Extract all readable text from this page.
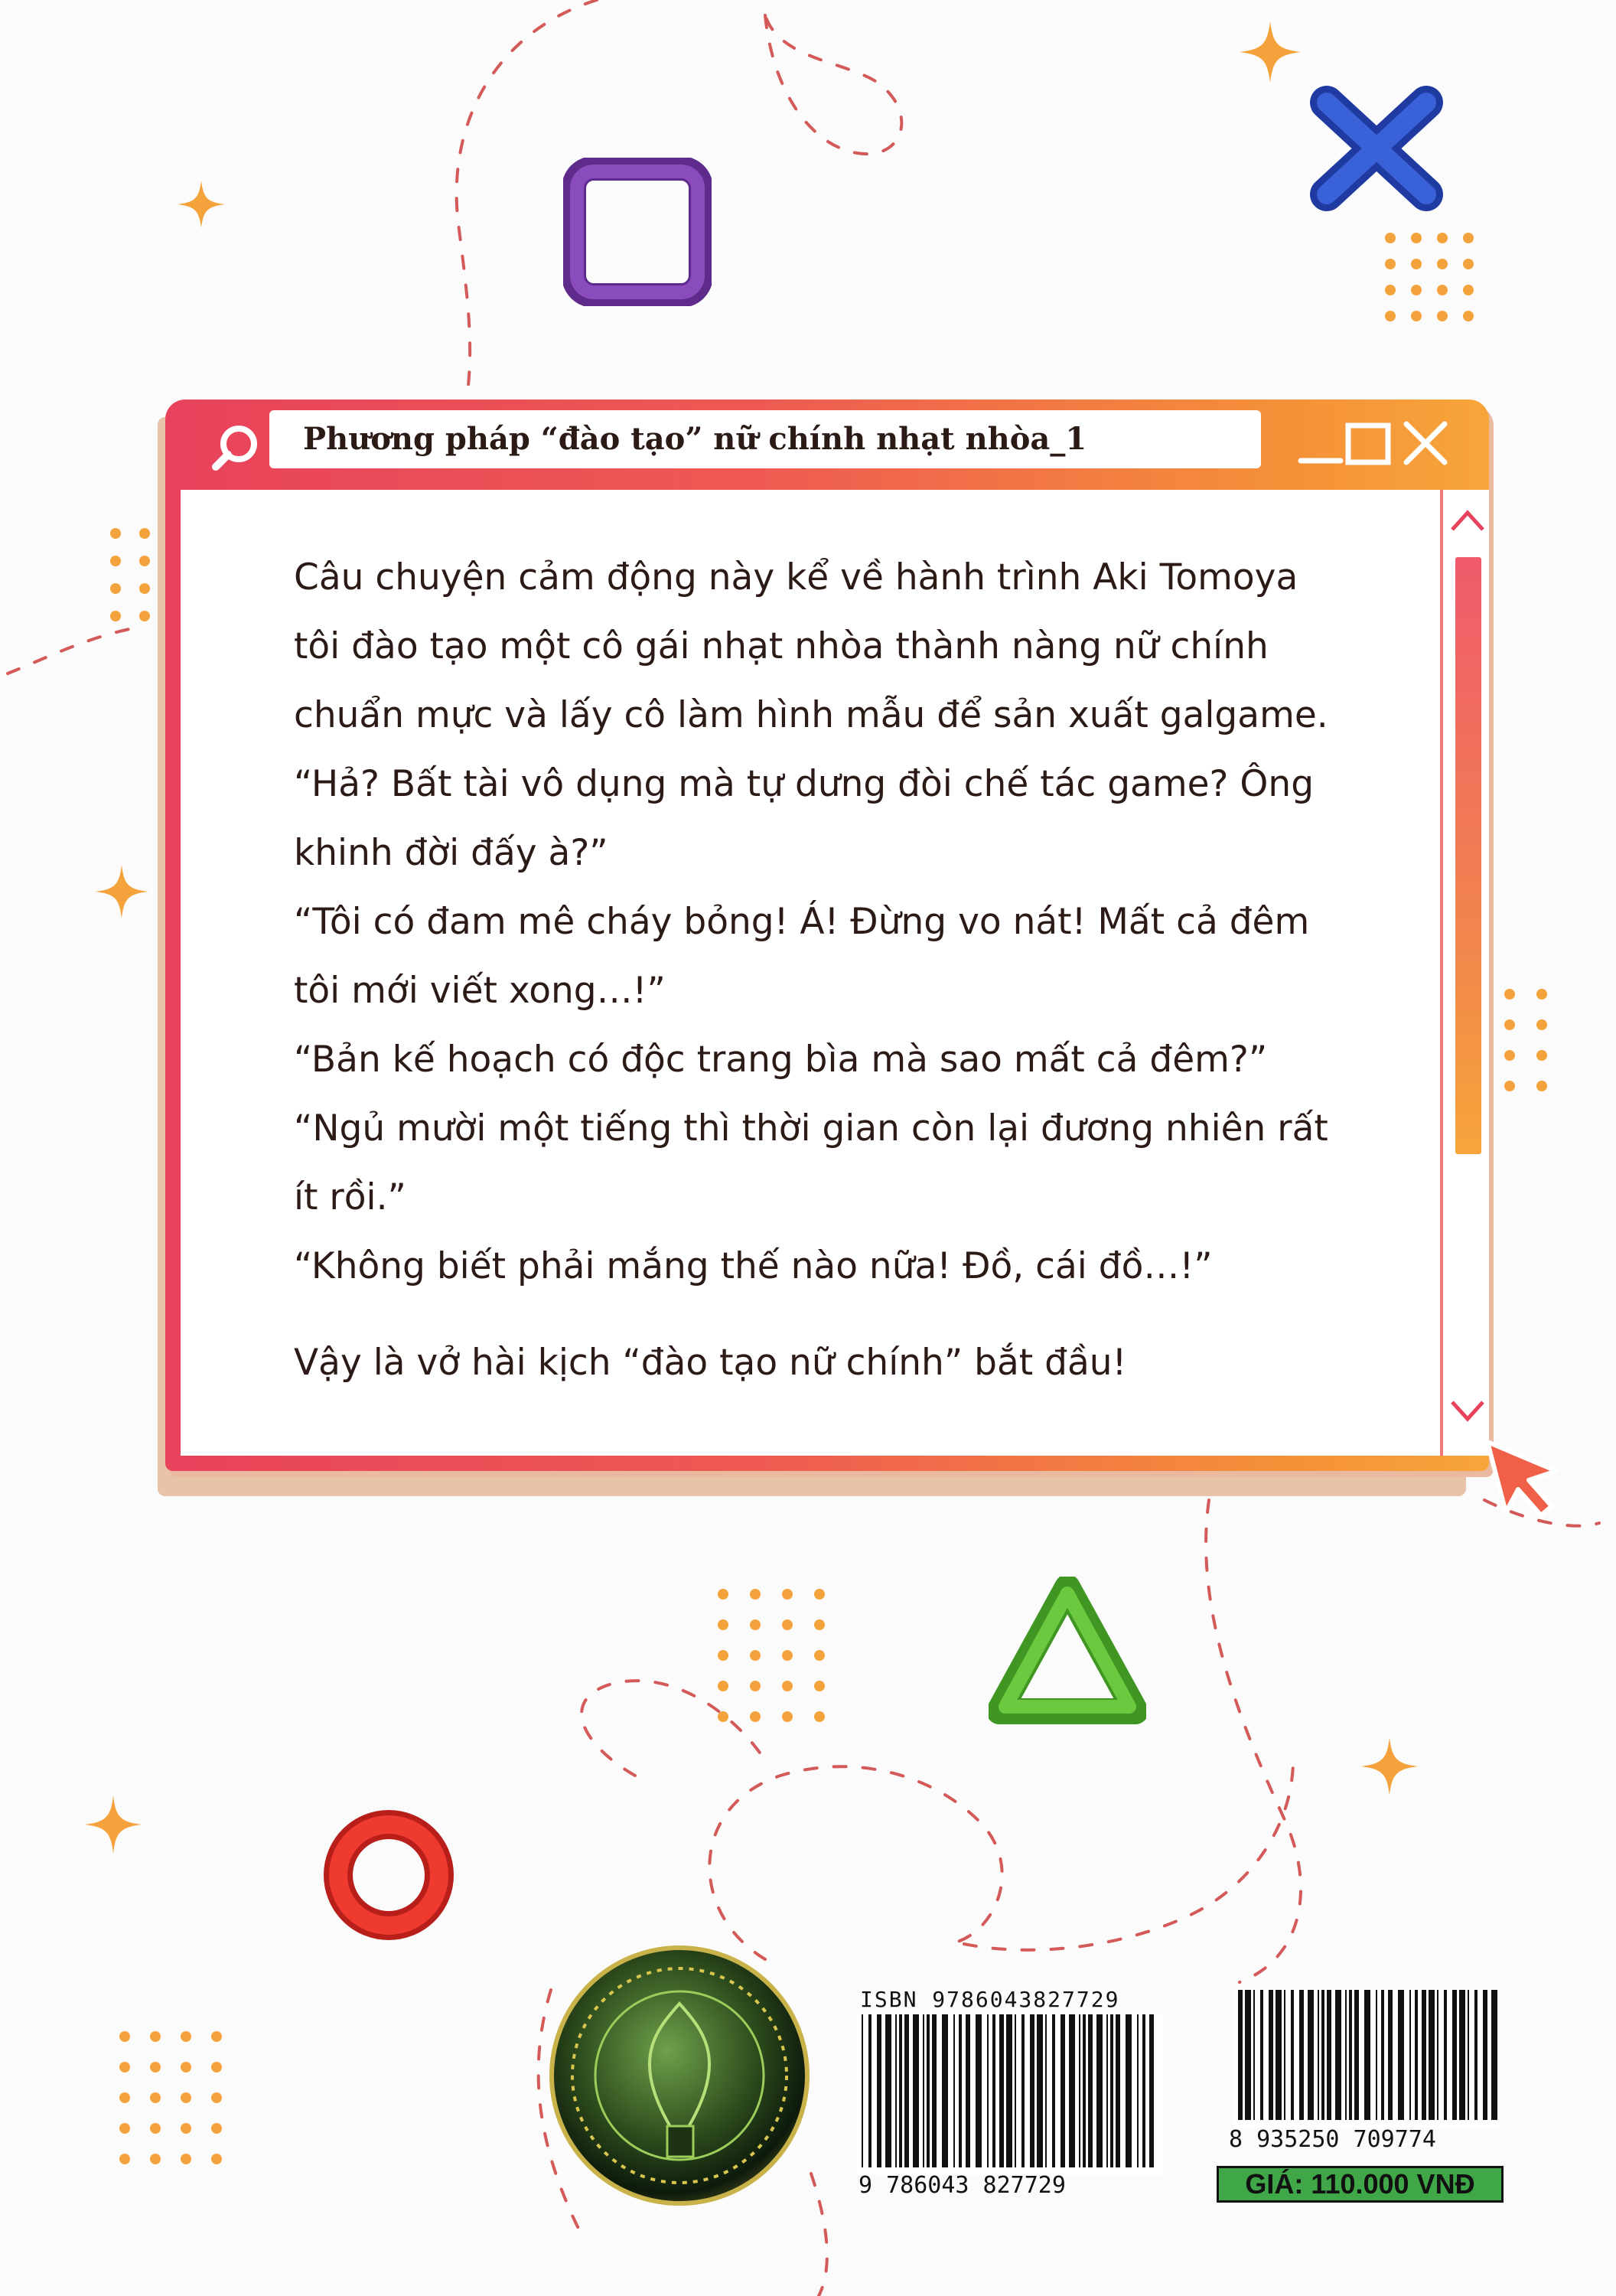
Phương pháp “đào tạo” nữ chính nhạt nhòa_1

Câu chuyện cảm động này kể về hành trình Aki Tomoya tôi đào tạo một cô gái nhạt nhòa thành nàng nữ chính chuẩn mực và lấy cô làm hình mẫu để sản xuất galgame.

“Hả? Bất tài vô dụng mà tự dưng đòi chế tác game? Ông khinh đời đấy à?”

“Tôi có đam mê cháy bỏng! Á! Đừng vo nát! Mất cả đêm tôi mới viết xong…!”

“Bản kế hoạch có độc trang bìa mà sao mất cả đêm?”

“Ngủ mười một tiếng thì thời gian còn lại đương nhiên rất ít rồi.”

“Không biết phải mắng thế nào nữa! Đồ, cái đồ…!”

Vậy là vở hài kịch “đào tạo nữ chính” bắt đầu!

ISBN 9786043827729
9 786043 827729
8 935250 709774
GIÁ: 110.000 VNĐ
